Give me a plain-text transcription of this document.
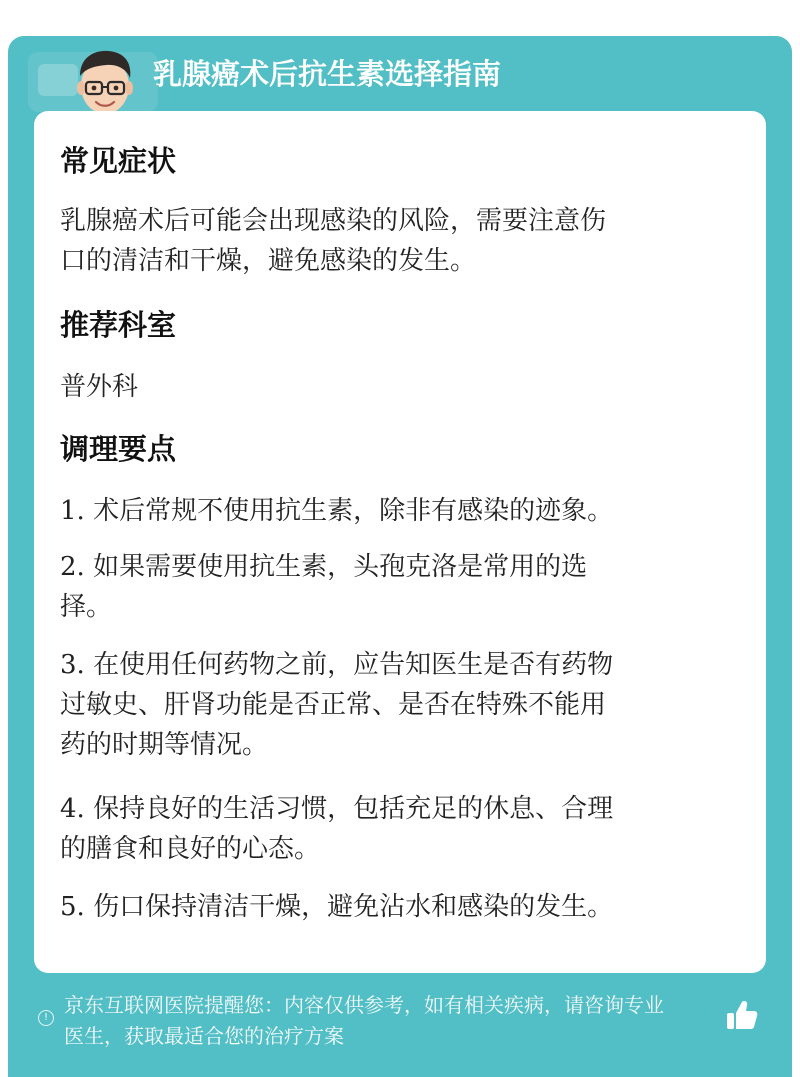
乳腺癌术后抗生素选择指南
常见症状
乳腺癌术后可能会出现感染的风险，需要注意伤
口的清洁和干燥，避免感染的发生。
推荐科室
普外科
调理要点
1. 术后常规不使用抗生素，除非有感染的迹象。
2. 如果需要使用抗生素，头孢克洛是常用的选
择。
3. 在使用任何药物之前，应告知医生是否有药物
过敏史、肝肾功能是否正常、是否在特殊不能用
药的时期等情况。
4. 保持良好的生活习惯，包括充足的休息、合理
的膳食和良好的心态。
5. 伤口保持清洁干燥，避免沾水和感染的发生。
!
京东互联网医院提醒您：内容仅供参考，如有相关疾病，请咨询专业
医生，获取最适合您的治疗方案
